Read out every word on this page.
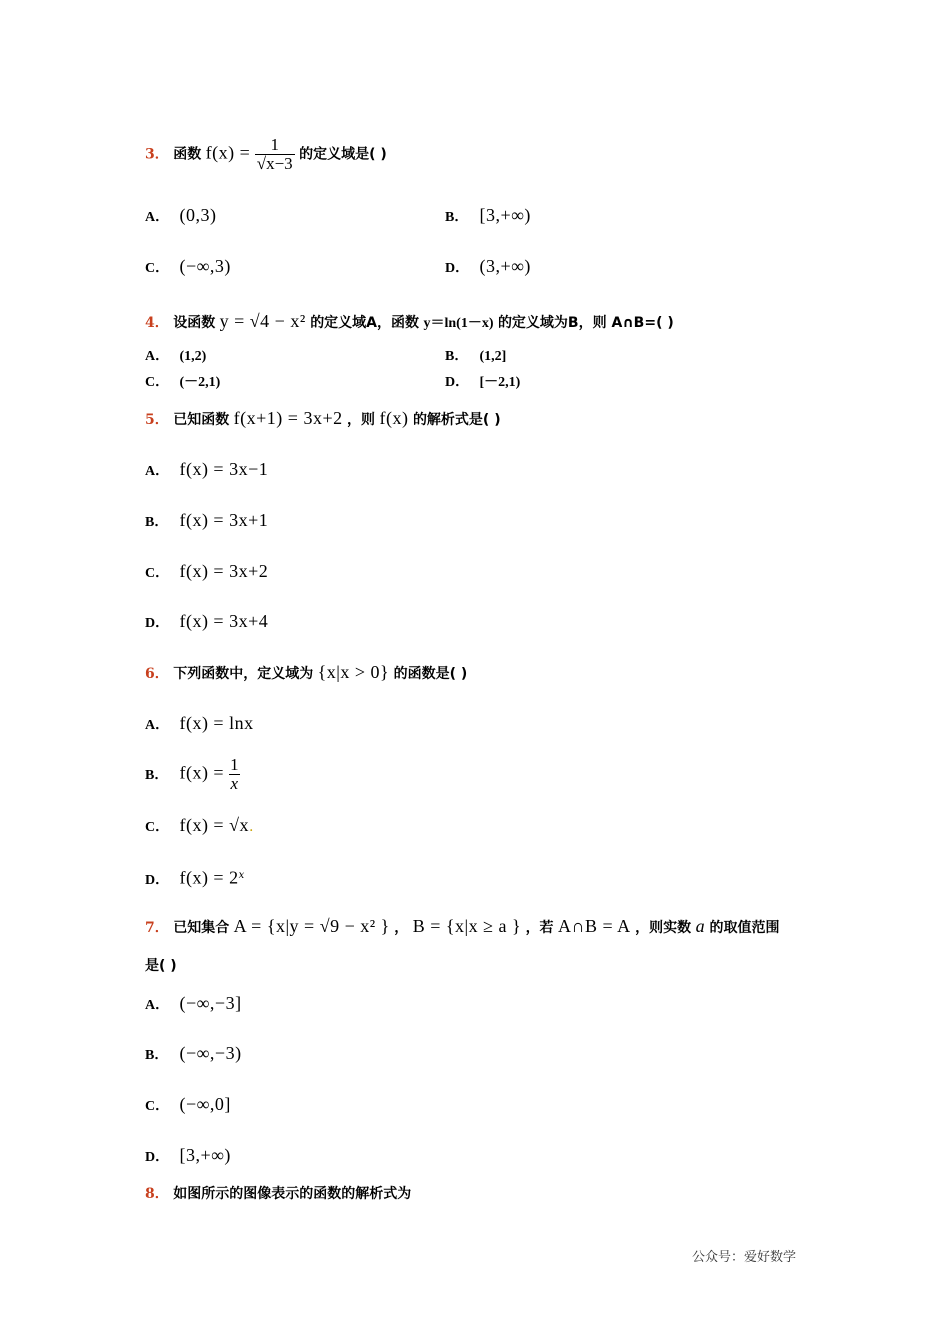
3． 函数 $f(x) = \frac{1}{√x-3}$ 的定义域是( )
A． (0,3)	B． [3,+∞)
C． (−∞,3)	D． (3,+∞)
4． 设函数 y = √4 − x² 的定义域A，函数 y＝ln(1－x) 的定义域为B，则 A∩B=( )
A． (1,2)	B． (1,2]
C． (－2,1)	D． [－2,1)
5． 已知函数 f(x+1) = 3x+2 ，则 f(x) 的解析式是( )
A． f(x) = 3x−1
B． f(x) = 3x+1
C． f(x) = 3x+2
D． f(x) = 3x+4
6． 下列函数中，定义域为 {x|x > 0} 的函数是( )
A． f(x) = lnx
B． $f(x) = \frac{1}{x}$
C． f(x) = √x.
D． $f(x) = 2^x$
7． 已知集合 A = {x|y = √9 − x² } ， B = {x|x ≥ a } ，若 A∩B = A ，则实数 a 的取值范围
是( )
A． (−∞,−3]
B． (−∞,−3)
C． (−∞,0]
D． [3,+∞)
8． 如图所示的图像表示的函数的解析式为
公众号：爱好数学
